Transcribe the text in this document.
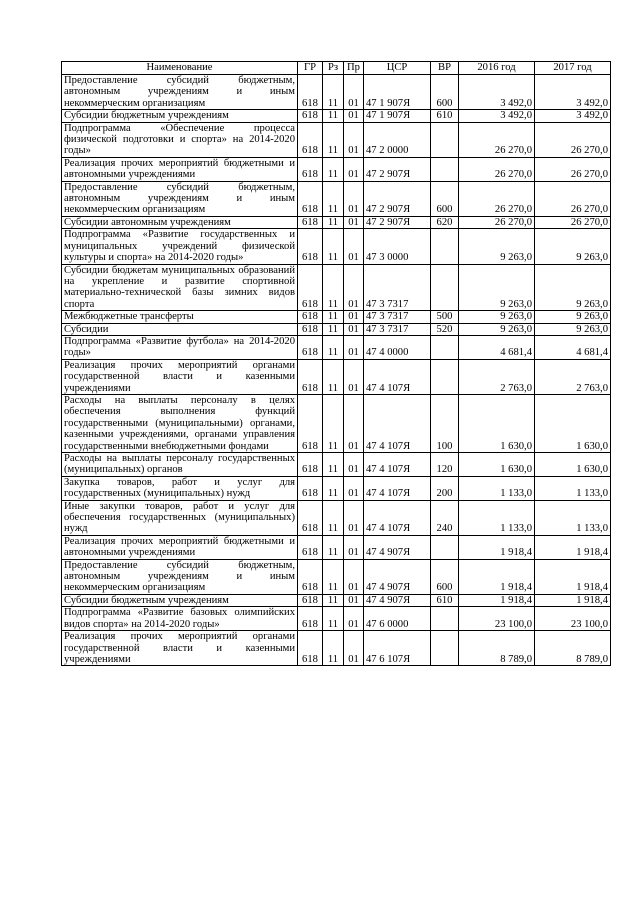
Наименование	ГР	Рз	Пр	ЦСР	ВР	2016 год	2017 год
Предоставление субсидий бюджетным, автономным учреждениям и иным некоммерческим организациям	618	11	01	47 1 907Я	600	3 492,0	3 492,0
Субсидии бюджетным учреждениям	618	11	01	47 1 907Я	610	3 492,0	3 492,0
Подпрограмма «Обеспечение процесса физической подготовки и спорта» на 2014-2020 годы»	618	11	01	47 2 0000		26 270,0	26 270,0
Реализация прочих мероприятий бюджетными и автономными учреждениями	618	11	01	47 2 907Я		26 270,0	26 270,0
Предоставление субсидий бюджетным, автономным учреждениям и иным некоммерческим организациям	618	11	01	47 2 907Я	600	26 270,0	26 270,0
Субсидии автономным учреждениям	618	11	01	47 2 907Я	620	26 270,0	26 270,0
Подпрограмма «Развитие государственных и муниципальных учреждений физической культуры и спорта» на 2014-2020 годы»	618	11	01	47 3 0000		9 263,0	9 263,0
Субсидии бюджетам муниципальных образований на укрепление и развитие спортивной материально-технической базы зимних видов спорта	618	11	01	47 3 7317		9 263,0	9 263,0
Межбюджетные трансферты	618	11	01	47 3 7317	500	9 263,0	9 263,0
Субсидии	618	11	01	47 3 7317	520	9 263,0	9 263,0
Подпрограмма «Развитие футбола» на 2014-2020 годы»	618	11	01	47 4 0000		4 681,4	4 681,4
Реализация прочих мероприятий органами государственной власти и казенными учреждениями	618	11	01	47 4 107Я		2 763,0	2 763,0
Расходы на выплаты персоналу в целях обеспечения выполнения функций государственными (муниципальными) органами, казенными учреждениями, органами управления государственными внебюджетными фондами	618	11	01	47 4 107Я	100	1 630,0	1 630,0
Расходы на выплаты персоналу государственных (муниципальных) органов	618	11	01	47 4 107Я	120	1 630,0	1 630,0
Закупка товаров, работ и услуг для государственных (муниципальных) нужд	618	11	01	47 4 107Я	200	1 133,0	1 133,0
Иные закупки товаров, работ и услуг для обеспечения государственных (муниципальных) нужд	618	11	01	47 4 107Я	240	1 133,0	1 133,0
Реализация прочих мероприятий бюджетными и автономными учреждениями	618	11	01	47 4 907Я		1 918,4	1 918,4
Предоставление субсидий бюджетным, автономным учреждениям и иным некоммерческим организациям	618	11	01	47 4 907Я	600	1 918,4	1 918,4
Субсидии бюджетным учреждениям	618	11	01	47 4 907Я	610	1 918,4	1 918,4
Подпрограмма «Развитие базовых олимпийских видов спорта» на 2014-2020 годы»	618	11	01	47 6 0000		23 100,0	23 100,0
Реализация прочих мероприятий органами государственной власти и казенными учреждениями	618	11	01	47 6 107Я		8 789,0	8 789,0
